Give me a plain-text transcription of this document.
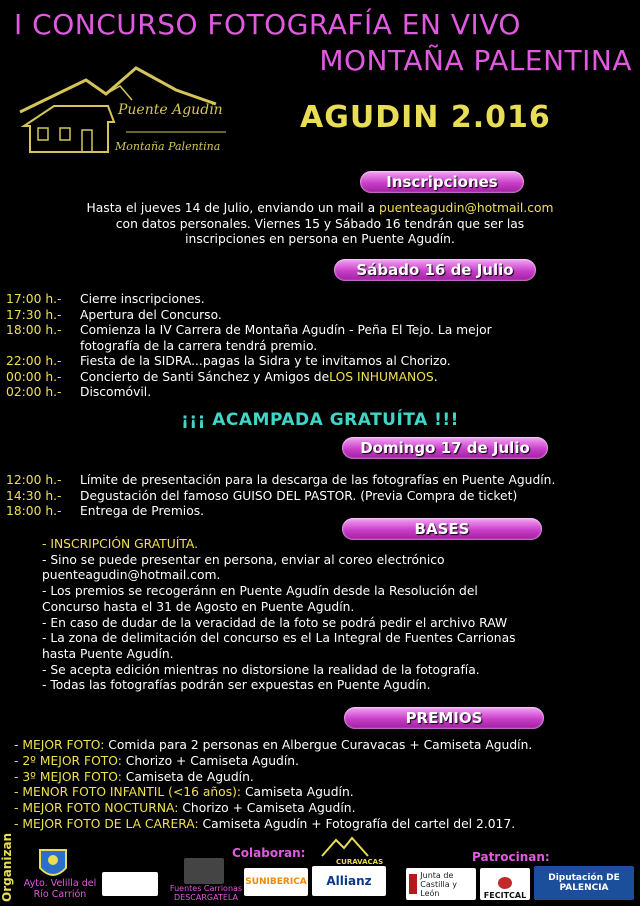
I CONCURSO FOTOGRAFÍA EN VIVO
MONTAÑA PALENTINA
Puente Agudín
Montaña Palentina
AGUDIN 2.016
Inscripciones
Hasta el jueves 14 de Julio, enviando un mail a puenteagudin@hotmail.com
con datos personales. Viernes 15 y Sábado 16 tendrán que ser las
inscripciones en persona en Puente Agudín.
Sábado 16 de Julio
17:00 h.-	Cierre inscripciones.
17:30 h.-	Apertura del Concurso.
18:00 h.-	Comienza la IV Carrera de Montaña Agudín - Peña El Tejo. La mejor
fotografía de la carrera tendrá premio.
22:00 h.-	Fiesta de la SIDRA...pagas la Sidra y te invitamos al Chorizo.
00:00 h.-	Concierto de Santi Sánchez y Amigos de LOS INHUMANOS .
02:00 h.-	Discomóvil.
¡¡¡ ACAMPADA GRATUÍTA !!!
Domingo 17 de Julio
12:00 h.-	Límite de presentación para la descarga de las fotografías en Puente Agudín.
14:30 h.-	Degustación del famoso GUISO DEL PASTOR. (Previa Compra de ticket)
18:00 h.-	Entrega de Premios.
BASES
- INSCRIPCIÓN GRATUÍTA.
- Sino se puede presentar en persona, enviar al coreo electrónico
puenteagudin@hotmail.com.
- Los premios se recogeránn en Puente Agudín desde la Resolución del
Concurso hasta el 31 de Agosto en Puente Agudín.
- En caso de dudar de la veracidad de la foto se podrá pedir el archivo RAW
- La zona de delimitación del concurso es el La Integral de Fuentes Carrionas
hasta Puente Agudín.
- Se acepta edición mientras no distorsione la realidad de la fotografía.
- Todas las fotografías podrán ser expuestas en Puente Agudín.
PREMIOS
- MEJOR FOTO: Comida para 2 personas en Albergue Curavacas + Camiseta Agudín.
- 2º MEJOR FOTO: Chorizo + Camiseta Agudín.
- 3º MEJOR FOTO: Camiseta de Agudín.
- MENOR FOTO INFANTIL (<16 años): Camiseta Agudín.
- MEJOR FOTO NOCTURNA: Chorizo + Camiseta Agudín.
- MEJOR FOTO DE LA CARERA: Camiseta Agudín + Fotografía del cartel del 2.017.
Organizan	Ayto. Velilla del Río Carrión
Colaboran:	Patrocinan:
CURAVACAS
Fuentes Carrionas
DESCARGATELA
SUNIBERICA Allianz	Junta de Castilla y León	FECITCAL
Diputación DE PALENCIA
